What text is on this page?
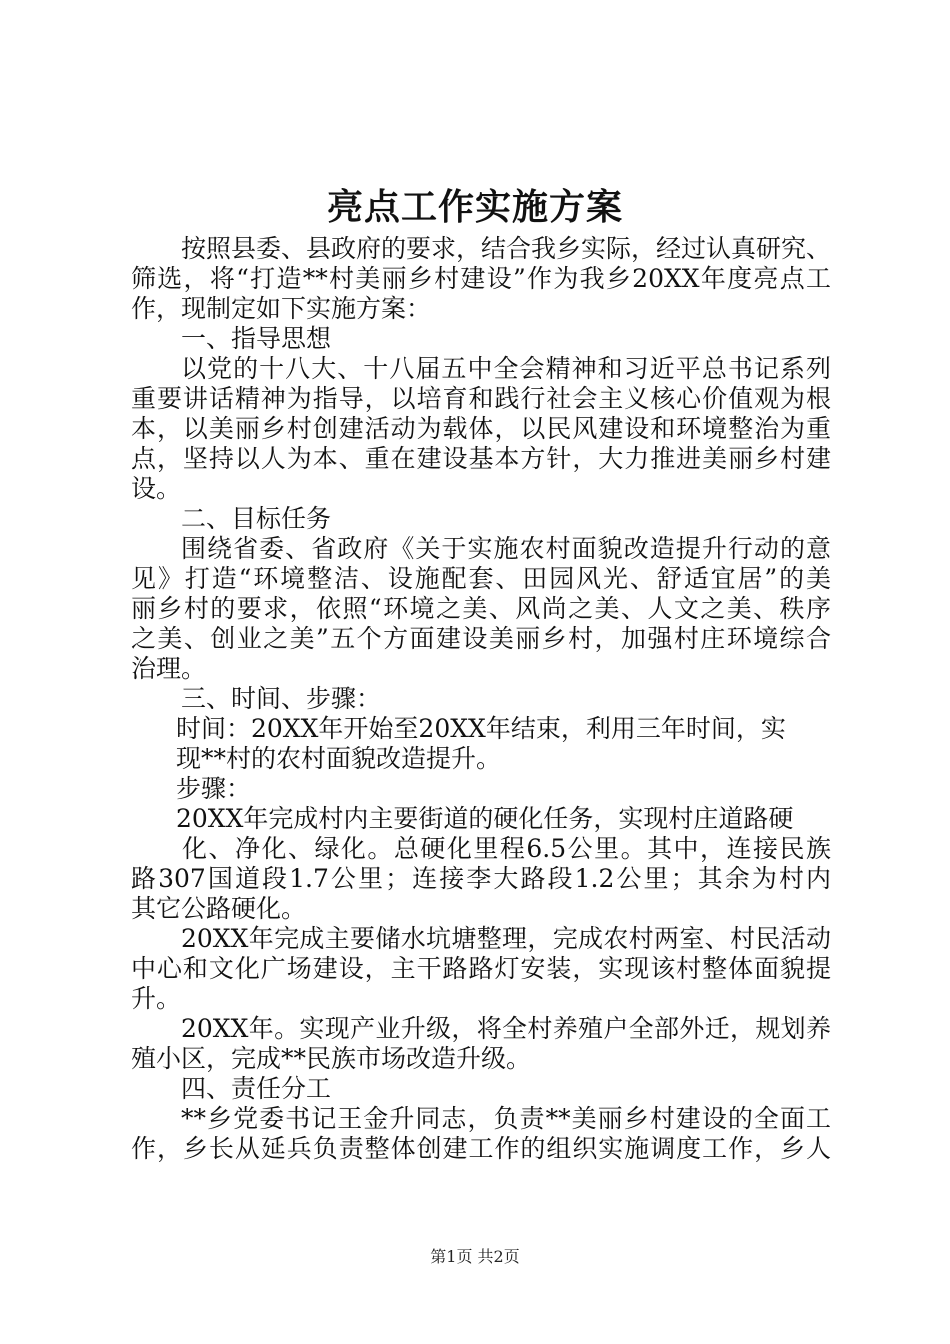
亮点工作实施方案
按照县委、县政府的要求，结合我乡实际，经过认真研究、
筛选，将“打造**村美丽乡村建设”作为我乡20XX年度亮点工
作，现制定如下实施方案：
一、指导思想
以党的十八大、十八届五中全会精神和习近平总书记系列
重要讲话精神为指导，以培育和践行社会主义核心价值观为根
本，以美丽乡村创建活动为载体，以民风建设和环境整治为重
点，坚持以人为本、重在建设基本方针，大力推进美丽乡村建
设。
二、目标任务
围绕省委、省政府《关于实施农村面貌改造提升行动的意
见》打造“环境整洁、设施配套、田园风光、舒适宜居”的美
丽乡村的要求，依照“环境之美、风尚之美、人文之美、秩序
之美、创业之美”五个方面建设美丽乡村，加强村庄环境综合
治理。
三、时间、步骤：
时间：20XX年开始至20XX年结束，利用三年时间，实
现**村的农村面貌改造提升。
步骤：
20XX年完成村内主要街道的硬化任务，实现村庄道路硬
化、净化、绿化。总硬化里程6.5公里。其中，连接民族
路307国道段1.7公里；连接李大路段1.2公里；其余为村内
其它公路硬化。
20XX年完成主要储水坑塘整理，完成农村两室、村民活动
中心和文化广场建设，主干路路灯安装，实现该村整体面貌提
升。
20XX年。实现产业升级，将全村养殖户全部外迁，规划养
殖小区，完成**民族市场改造升级。
四、责任分工
**乡党委书记王金升同志，负责**美丽乡村建设的全面工
作，乡长从延兵负责整体创建工作的组织实施调度工作，乡人
第1页 共2页
